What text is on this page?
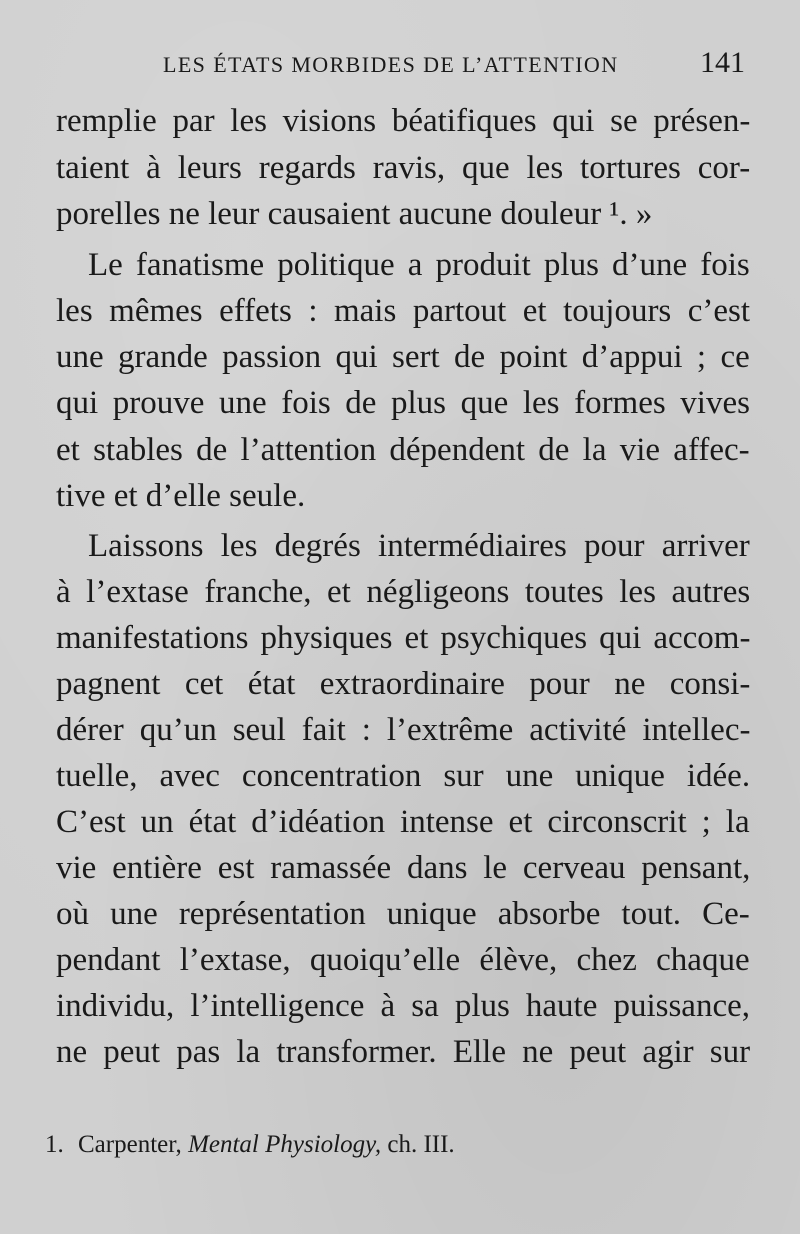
LES ÉTATS MORBIDES DE L’ATTENTION	141
remplie par les visions béatifiques qui se présen-
taient à leurs regards ravis, que les tortures cor-
porelles ne leur causaient aucune douleur ¹. »
Le fanatisme politique a produit plus d’une fois
les mêmes effets : mais partout et toujours c’est
une grande passion qui sert de point d’appui ; ce
qui prouve une fois de plus que les formes vives
et stables de l’attention dépendent de la vie affec-
tive et d’elle seule.
Laissons les degrés intermédiaires pour arriver
à l’extase franche, et négligeons toutes les autres
manifestations physiques et psychiques qui accom-
pagnent cet état extraordinaire pour ne consi-
dérer qu’un seul fait : l’extrême activité intellec-
tuelle, avec concentration sur une unique idée.
C’est un état d’idéation intense et circonscrit ; la
vie entière est ramassée dans le cerveau pensant,
où une représentation unique absorbe tout. Ce-
pendant l’extase, quoiqu’elle élève, chez chaque
individu, l’intelligence à sa plus haute puissance,
ne peut pas la transformer. Elle ne peut agir sur
1. Carpenter, Mental Physiology, ch. III.
